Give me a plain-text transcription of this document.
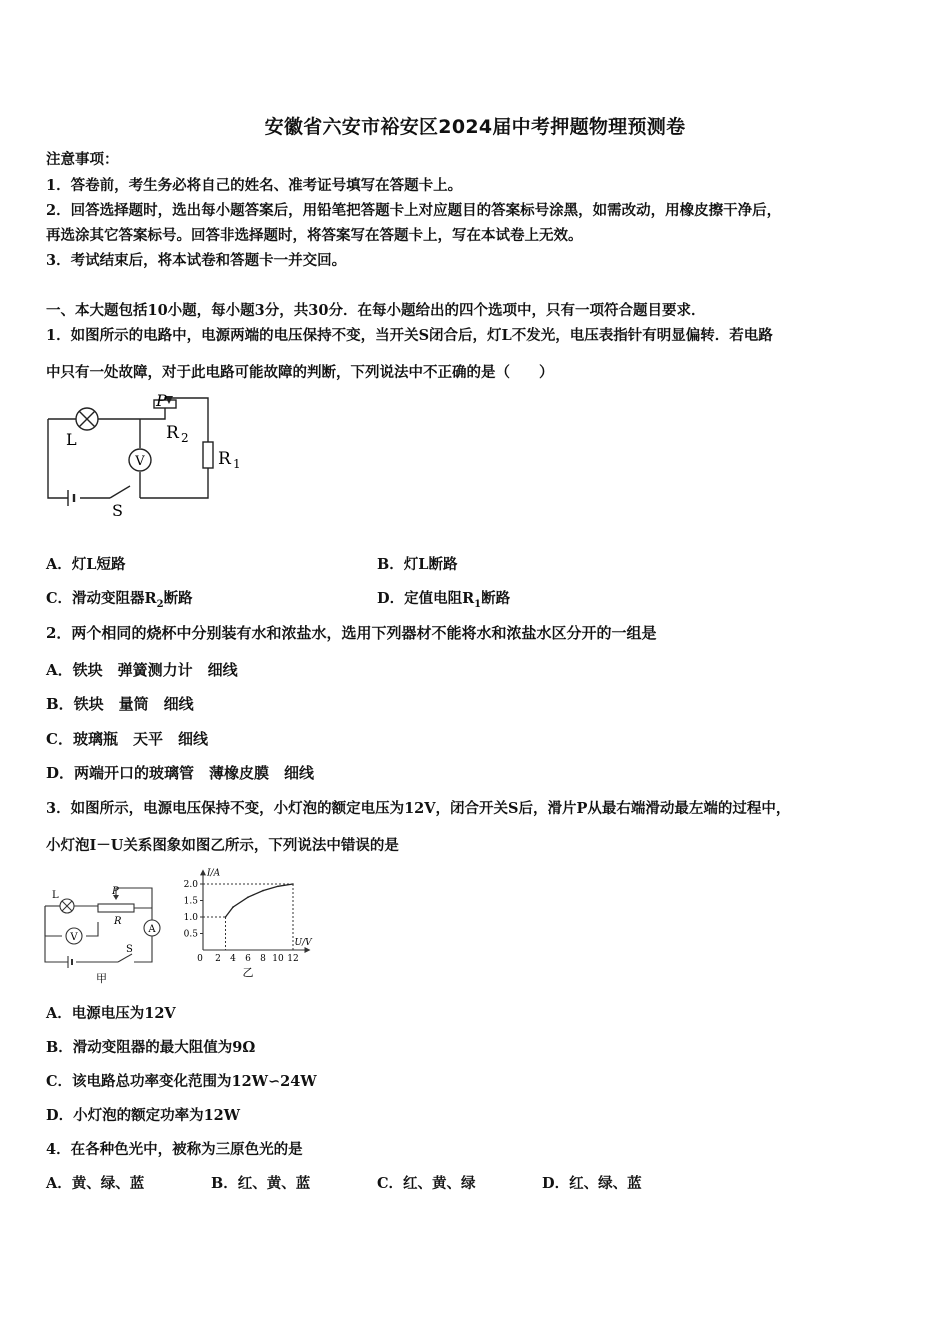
安徽省六安市裕安区2024届中考押题物理预测卷
注意事项：
1．答卷前，考生务必将自己的姓名、准考证号填写在答题卡上。
2．回答选择题时，选出每小题答案后，用铅笔把答题卡上对应题目的答案标号涂黑，如需改动，用橡皮擦干净后，
再选涂其它答案标号。回答非选择题时，将答案写在答题卡上，写在本试卷上无效。
3．考试结束后，将本试卷和答题卡一并交回。
一、本大题包括10小题，每小题3分，共30分．在每小题给出的四个选项中，只有一项符合题目要求．
1．如图所示的电路中，电源两端的电压保持不变，当开关S闭合后，灯L不发光，电压表指针有明显偏转．若电路
中只有一处故障，对于此电路可能故障的判断，下列说法中不正确的是（　　）
V
L
P
R 2
R 1
S
A．灯L短路	B．灯L断路
C．滑动变阻器$R_2$断路	D．定值电阻$R_1$断路
2．两个相同的烧杯中分别装有水和浓盐水，选用下列器材不能将水和浓盐水区分开的一组是
A．铁块　弹簧测力计　细线
B．铁块　量筒　细线
C．玻璃瓶　天平　细线
D．两端开口的玻璃管　薄橡皮膜　细线
3．如图所示，电源电压保持不变，小灯泡的额定电压为12V，闭合开关S后，滑片P从最右端滑动最左端的过程中，
小灯泡I－U关系图象如图乙所示，下列说法中错误的是
V
A
L	P
R
S
甲
I/A
U/V
2.0
1.5
1.0
0.5
0 2 4 6 8 10 12
乙
A．电源电压为12V
B．滑动变阻器的最大阻值为9Ω
C．该电路总功率变化范围为12W∽24W
D．小灯泡的额定功率为12W
4．在各种色光中，被称为三原色光的是
A．黄、绿、蓝	B．红、黄、蓝	C．红、黄、绿	D．红、绿、蓝
